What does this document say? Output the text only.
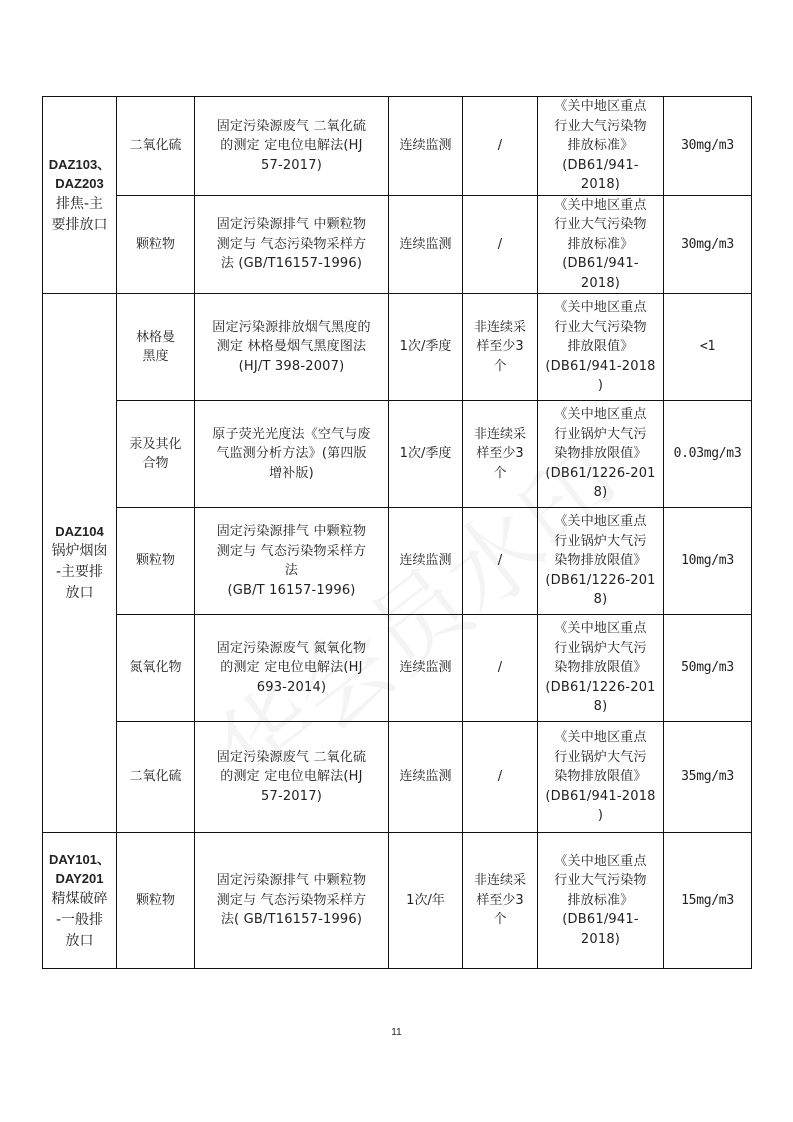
DAZ103、
DAZ203
排焦-主
要排放口	二氧化硫	固定污染源废气 二氧化硫
的测定 定电位电解法(HJ
57-2017)	连续监测	/	《关中地区重点
行业大气污染物
排放标准》
(DB61/941-2018)	30mg/m3
	颗粒物	固定污染源排气 中颗粒物
测定与 气态污染物采样方
法 (GB/T16157-1996)	连续监测	/	《关中地区重点
行业大气污染物
排放标准》
(DB61/941-2018)	30mg/m3

DAZ104
锅炉烟囱
-主要排
放口	林格曼
黑度	固定污染源排放烟气黑度的
测定 林格曼烟气黑度图法
(HJ/T 398-2007)	1次/季度	非连续采
样至少3
个	《关中地区重点
行业大气污染物
排放限值》
(DB61/941-2018
)	<1
	汞及其化
合物	原子荧光光度法《空气与废
气监测分析方法》(第四版
增补版)	1次/季度	非连续采
样至少3
个	《关中地区重点
行业锅炉大气污
染物排放限值》
(DB61/1226-201
8)	0.03mg/m3
	颗粒物	固定污染源排气 中颗粒物
测定与 气态污染物采样方
法
(GB/T 16157-1996)	连续监测	/	《关中地区重点
行业锅炉大气污
染物排放限值》
(DB61/1226-201
8)	10mg/m3
	氮氧化物	固定污染源废气 氮氧化物
的测定 定电位电解法(HJ
693-2014)	连续监测	/	《关中地区重点
行业锅炉大气污
染物排放限值》
(DB61/1226-201
8)	50mg/m3
	二氧化硫	固定污染源废气 二氧化硫
的测定 定电位电解法(HJ
57-2017)	连续监测	/	《关中地区重点
行业锅炉大气污
染物排放限值》
(DB61/941-2018
)	35mg/m3

DAY101、
DAY201
精煤破碎
-一般排
放口	颗粒物	固定污染源排气 中颗粒物
测定与 气态污染物采样方
法( GB/T16157-1996)	1次/年	非连续采
样至少3
个	《关中地区重点
行业大气污染物
排放标准》
(DB61/941-2018)	15mg/m3
11
